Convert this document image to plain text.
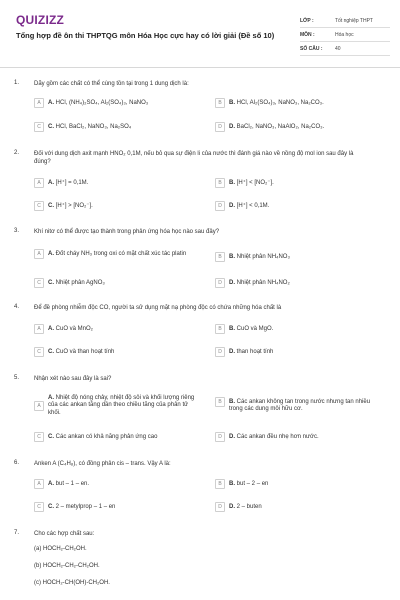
QUIZIZZ
Tổng hợp đề ôn thi THPTQG môn Hóa Học cực hay có lời giải (Đề số 10)
LỚP :	Tốt nghiệp THPT
MÔN :	Hóa học
SỐ CÂU :	40
1. Dãy gồm các chất có thể cùng tồn tại trong 1 dung dịch là:
A	A. HCl, (NH₄)₂SO₄, Al₂(SO₄)₃, NaNO₃	B	B. HCl, Al₂(SO₄)₃, NaNO₃, Na₂CO₃.
C	C. HCl, BaCl₂, NaNO₃, Na₂SO₄	D	D. BaCl₂, NaNO₃, NaAlO₂, Na₂CO₃.
2. Đối với dung dịch axit mạnh HNO₂ 0,1M, nếu bỏ qua sự điện li của nước thì đánh giá nào về nồng độ mol ion sau đây là đúng?
A	A. [H⁺] = 0,1M.	B	B. [H⁺] < [NO₂⁻].
C	C. [H⁺] > [NO₂⁻].	D	D. [H⁺] < 0,1M.
3. Khí nitơ có thể được tạo thành trong phản ứng hóa học nào sau đây?
A	A. Đốt cháy NH₃ trong oxi có mặt chất xúc tác platin
B	B. Nhiệt phân NH₄NO₃
C	C. Nhiệt phân AgNO₃	D	D. Nhiệt phân NH₄NO₂
4. Để đề phòng nhiễm độc CO, người ta sử dụng mặt nạ phòng độc có chứa những hóa chất là
A	A. CuO và MnO₂	B	B. CuO và MgO.
C	C. CuO và than hoạt tính	D	D. than hoạt tính
5. Nhận xét nào sau đây là sai?
A
A. Nhiệt độ nóng chảy, nhiệt độ sôi và khối lượng riêng của các ankan tăng dần theo chiều tăng của phân tử khối.
B	B. Các ankan không tan trong nước nhưng tan nhiều trong các dung môi hữu cơ.
C	C. Các ankan có khả năng phản ứng cao	D	D. Các ankan đều nhẹ hơn nước.
6. Anken A (C₄H₈), có đồng phân cis – trans. Vậy A là:
A	A. but – 1 – en.	B	B. but – 2 – en
C	C. 2 – metylprop – 1 – en	D	D. 2 – buten
7. Cho các hợp chất sau:
(a) HOCH₂-CH₂OH.
(b) HOCH₂-CH₂-CH₂OH.
(c) HOCH₂-CH(OH)-CH₂OH.
